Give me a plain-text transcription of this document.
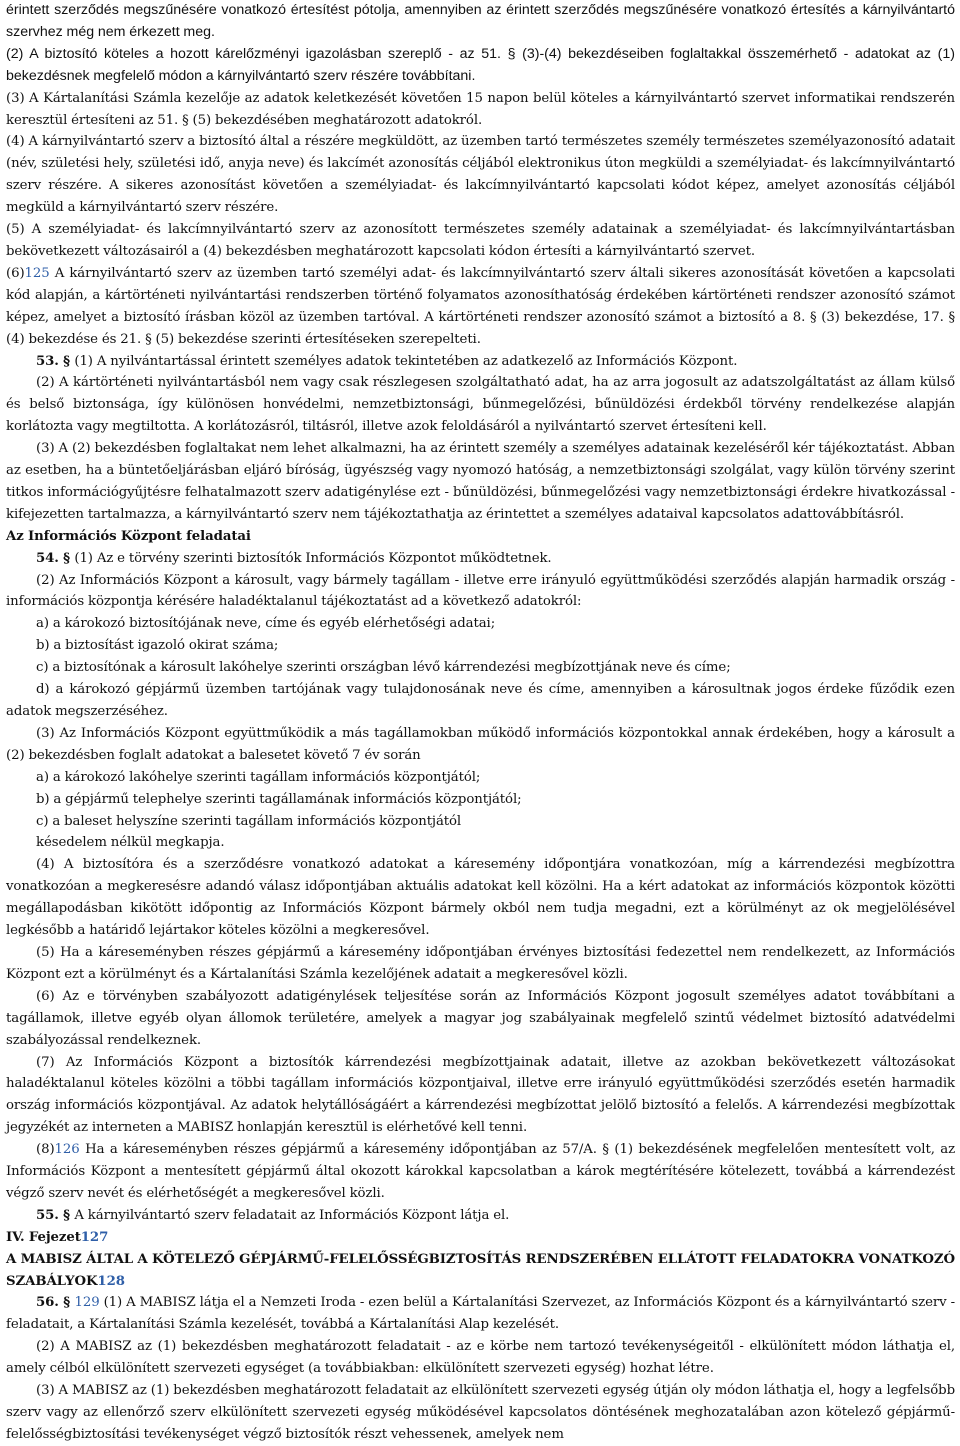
érintett szerződés megszűnésére vonatkozó értesítést pótolja, amennyiben az érintett szerződés megszűnésére vonatkozó értesítés a kárnyilvántartó szervhez még nem érkezett meg.

(2) A biztosító köteles a hozott kárelőzményi igazolásban szereplő - az 51. § (3)-(4) bekezdéseiben foglaltakkal összemérhető - adatokat az (1) bekezdésnek megfelelő módon a kárnyilvántartó szerv részére továbbítani.

(3) A Kártalanítási Számla kezelője az adatok keletkezését követően 15 napon belül köteles a kárnyilvántartó szervet informatikai rendszerén keresztül értesíteni az 51. § (5) bekezdésében meghatározott adatokról.

(4) A kárnyilvántartó szerv a biztosító által a részére megküldött, az üzemben tartó természetes személy természetes személyazonosító adatait (név, születési hely, születési idő, anyja neve) és lakcímét azonosítás céljából elektronikus úton megküldi a személyiadat- és lakcímnyilvántartó szerv részére. A sikeres azonosítást követően a személyiadat- és lakcímnyilvántartó kapcsolati kódot képez, amelyet azonosítás céljából megküld a kárnyilvántartó szerv részére.

(5) A személyiadat- és lakcímnyilvántartó szerv az azonosított természetes személy adatainak a személyiadat- és lakcímnyilvántartásban bekövetkezett változásairól a (4) bekezdésben meghatározott kapcsolati kódon értesíti a kárnyilvántartó szervet.

(6)125 A kárnyilvántartó szerv az üzemben tartó személyi adat- és lakcímnyilvántartó szerv általi sikeres azonosítását követően a kapcsolati kód alapján, a kártörténeti nyilvántartási rendszerben történő folyamatos azonosíthatóság érdekében kártörténeti rendszer azonosító számot képez, amelyet a biztosító írásban közöl az üzemben tartóval. A kártörténeti rendszer azonosító számot a biztosító a 8. § (3) bekezdése, 17. § (4) bekezdése és 21. § (5) bekezdése szerinti értesítéseken szerepelteti.

53. § (1) A nyilvántartással érintett személyes adatok tekintetében az adatkezelő az Információs Központ.

(2) A kártörténeti nyilvántartásból nem vagy csak részlegesen szolgáltatható adat, ha az arra jogosult az adatszolgáltatást az állam külső és belső biztonsága, így különösen honvédelmi, nemzetbiztonsági, bűnmegelőzési, bűnüldözési érdekből törvény rendelkezése alapján korlátozta vagy megtiltotta. A korlátozásról, tiltásról, illetve azok feloldásáról a nyilvántartó szervet értesíteni kell.

(3) A (2) bekezdésben foglaltakat nem lehet alkalmazni, ha az érintett személy a személyes adatainak kezeléséről kér tájékoztatást. Abban az esetben, ha a büntetőeljárásban eljáró bíróság, ügyészség vagy nyomozó hatóság, a nemzetbiztonsági szolgálat, vagy külön törvény szerint titkos információgyűjtésre felhatalmazott szerv adatigénylése ezt - bűnüldözési, bűnmegelőzési vagy nemzetbiztonsági érdekre hivatkozással - kifejezetten tartalmazza, a kárnyilvántartó szerv nem tájékoztathatja az érintettet a személyes adataival kapcsolatos adattovábbításról.

Az Információs Központ feladatai

54. § (1) Az e törvény szerinti biztosítók Információs Központot működtetnek.

(2) Az Információs Központ a károsult, vagy bármely tagállam - illetve erre irányuló együttműködési szerződés alapján harmadik ország - információs központja kérésére haladéktalanul tájékoztatást ad a következő adatokról:

a) a károkozó biztosítójának neve, címe és egyéb elérhetőségi adatai;

b) a biztosítást igazoló okirat száma;

c) a biztosítónak a károsult lakóhelye szerinti országban lévő kárrendezési megbízottjának neve és címe;

d) a károkozó gépjármű üzemben tartójának vagy tulajdonosának neve és címe, amennyiben a károsultnak jogos érdeke fűződik ezen adatok megszerzéséhez.

(3) Az Információs Központ együttműködik a más tagállamokban működő információs központokkal annak érdekében, hogy a károsult a (2) bekezdésben foglalt adatokat a balesetet követő 7 év során

a) a károkozó lakóhelye szerinti tagállam információs központjától;

b) a gépjármű telephelye szerinti tagállamának információs központjától;

c) a baleset helyszíne szerinti tagállam információs központjától

késedelem nélkül megkapja.

(4) A biztosítóra és a szerződésre vonatkozó adatokat a káresemény időpontjára vonatkozóan, míg a kárrendezési megbízottra vonatkozóan a megkeresésre adandó válasz időpontjában aktuális adatokat kell közölni. Ha a kért adatokat az információs központok közötti megállapodásban kikötött időpontig az Információs Központ bármely okból nem tudja megadni, ezt a körülményt az ok megjelölésével legkésőbb a határidő lejártakor köteles közölni a megkeresővel.

(5) Ha a káreseményben részes gépjármű a káresemény időpontjában érvényes biztosítási fedezettel nem rendelkezett, az Információs Központ ezt a körülményt és a Kártalanítási Számla kezelőjének adatait a megkeresővel közli.

(6) Az e törvényben szabályozott adatigénylések teljesítése során az Információs Központ jogosult személyes adatot továbbítani a tagállamok, illetve egyéb olyan állomok területére, amelyek a magyar jog szabályainak megfelelő szintű védelmet biztosító adatvédelmi szabályozással rendelkeznek.

(7) Az Információs Központ a biztosítók kárrendezési megbízottjainak adatait, illetve az azokban bekövetkezett változásokat haladéktalanul köteles közölni a többi tagállam információs központjaival, illetve erre irányuló együttműködési szerződés esetén harmadik ország információs központjával. Az adatok helytállóságáért a kárrendezési megbízottat jelölő biztosító a felelős. A kárrendezési megbízottak jegyzékét az interneten a MABISZ honlapján keresztül is elérhetővé kell tenni.

(8)126 Ha a káreseményben részes gépjármű a káresemény időpontjában az 57/A. § (1) bekezdésének megfelelően mentesített volt, az Információs Központ a mentesített gépjármű által okozott károkkal kapcsolatban a károk megtérítésére kötelezett, továbbá a kárrendezést végző szerv nevét és elérhetőségét a megkeresővel közli.

55. § A kárnyilvántartó szerv feladatait az Információs Központ látja el.

IV. Fejezet127

A MABISZ ÁLTAL A KÖTELEZŐ GÉPJÁRMŰ-FELELŐSSÉGBIZTOSÍTÁS RENDSZERÉBEN ELLÁTOTT FELADATOKRA VONATKOZÓ SZABÁLYOK128

56. § 129 (1) A MABISZ látja el a Nemzeti Iroda - ezen belül a Kártalanítási Szervezet, az Információs Központ és a kárnyilvántartó szerv - feladatait, a Kártalanítási Számla kezelését, továbbá a Kártalanítási Alap kezelését.

(2) A MABISZ az (1) bekezdésben meghatározott feladatait - az e körbe nem tartozó tevékenységeitől - elkülönített módon láthatja el, amely célból elkülönített szervezeti egységet (a továbbiakban: elkülönített szervezeti egység) hozhat létre.

(3) A MABISZ az (1) bekezdésben meghatározott feladatait az elkülönített szervezeti egység útján oly módon láthatja el, hogy a legfelsőbb szerv vagy az ellenőrző szerv elkülönített szervezeti egység működésével kapcsolatos döntésének meghozatalában azon kötelező gépjármű-felelősségbiztosítási tevékenységet végző biztosítók részt vehessenek, amelyek nem
